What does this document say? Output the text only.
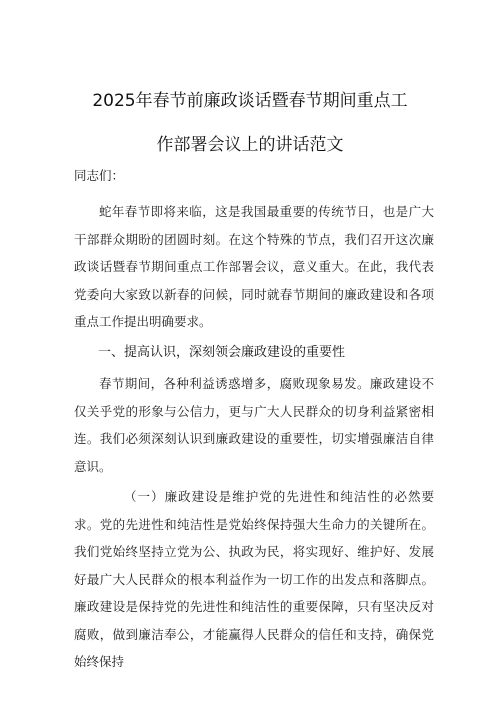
2025年春节前廉政谈话暨春节期间重点工
作部署会议上的讲话范文

同志们：

蛇年春节即将来临，这是我国最重要的传统节日，也是广大干部群众期盼的团圆时刻。在这个特殊的节点，我们召开这次廉政谈话暨春节期间重点工作部署会议，意义重大。在此，我代表党委向大家致以新春的问候，同时就春节期间的廉政建设和各项重点工作提出明确要求。

一、提高认识，深刻领会廉政建设的重要性

春节期间，各种利益诱惑增多，腐败现象易发。廉政建设不仅关乎党的形象与公信力，更与广大人民群众的切身利益紧密相连。我们必须深刻认识到廉政建设的重要性，切实增强廉洁自律意识。

（一）廉政建设是维护党的先进性和纯洁性的必然要求。党的先进性和纯洁性是党始终保持强大生命力的关键所在。我们党始终坚持立党为公、执政为民，将实现好、维护好、发展好最广大人民群众的根本利益作为一切工作的出发点和落脚点。廉政建设是保持党的先进性和纯洁性的重要保障，只有坚决反对腐败，做到廉洁奉公，才能赢得人民群众的信任和支持，确保党始终保持
